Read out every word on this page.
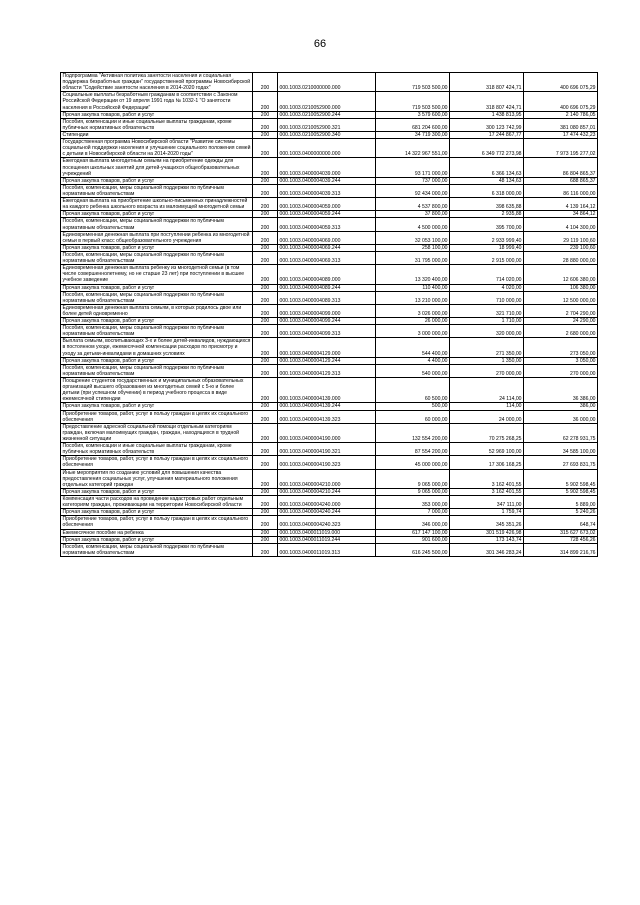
66
Подпрограмма "Активная политика занятости населения и социальная поддержка безработных граждан" государственной программы Новосибирской области "Содействие занятости населения в 2014-2020 годах"	200	000.1003.0210000000.000	719 503 500,00	318 807 424,71	400 696 075,29
Социальные выплаты безработным гражданам в соответствии с Законом Российской Федерации от 19 апреля 1991 года № 1032-1 "О занятости населения в Российской Федерации"	200	000.1003.0210052900.000	719 503 500,00	318 807 424,71	400 696 075,29
Прочая закупка товаров, работ и услуг	200	000.1003.0210052900.244	3 579 600,00	1 438 813,95	2 140 786,05
Пособия, компенсации и иные социальные выплаты гражданам, кроме публичных нормативных обязательств	200	000.1003.0210052900.321	681 204 600,00	300 123 742,99	381 080 857,01
Стипендии	200	000.1003.0210052900.340	34 719 300,00	17 244 867,77	17 474 432,23
Государственная программа Новосибирской области "Развитие системы социальной поддержки населения и улучшение социального положения семей с детьми в Новосибирской области на 2014-2020 годы"	200	000.1003.0400000000.000	14 322 967 551,00	6 349 772 273,98	7 973 195 277,02
Ежегодная выплата многодетным семьям на приобретение одежды для посещения школьных занятий для детей-учащихся общеобразовательных учреждений	200	000.1003.0400004039.000	93 171 000,00	6 366 134,63	86 804 865,37
Прочая закупка товаров, работ и услуг	200	000.1003.0400004039.244	737 000,00	48 134,63	688 865,37
Пособия, компенсации, меры социальной поддержки по публичным нормативным обязательствам	200	000.1003.0400004039.313	92 434 000,00	6 318 000,00	86 116 000,00
Ежегодная выплата на приобретение школьно-письменных принадлежностей на каждого ребенка школьного возраста из малоимущей многодетной семьи	200	000.1003.0400004059.000	4 537 800,00	398 635,88	4 139 164,12
Прочая закупка товаров, работ и услуг	200	000.1003.0400004059.244	37 800,00	2 935,88	34 864,12
Пособия, компенсации, меры социальной поддержки по публичным нормативным обязательствам	200	000.1003.0400004059.313	4 500 000,00	395 700,00	4 104 300,00
Единовременная денежная выплата при поступлении ребенка из многодетной семьи в первый класс общеобразовательного учреждения	200	000.1003.0400004069.000	32 053 100,00	2 933 999,40	29 119 100,60
Прочая закупка товаров, работ и услуг	200	000.1003.0400004069.244	258 100,00	18 999,40	239 100,60
Пособия, компенсации, меры социальной поддержки по публичным нормативным обязательствам	200	000.1003.0400004069.313	31 795 000,00	2 915 000,00	28 880 000,00
Единовременная денежная выплата ребенку из многодетной семьи (в том числе совершеннолетнему, но не старше 23 лет) при поступлении в высшее учебное заведение	200	000.1003.0400004089.000	13 320 400,00	714 020,00	12 606 380,00
Прочая закупка товаров, работ и услуг	200	000.1003.0400004089.244	110 400,00	4 020,00	106 380,00
Пособия, компенсации, меры социальной поддержки по публичным нормативным обязательствам	200	000.1003.0400004089.313	13 210 000,00	710 000,00	12 500 000,00
Единовременная денежная выплата семьям, в которых родилось двое или более детей одновременно	200	000.1003.0400004099.000	3 026 000,00	321 710,00	2 704 290,00
Прочая закупка товаров, работ и услуг	200	000.1003.0400004099.244	26 000,00	1 710,00	24 290,00
Пособия, компенсации, меры социальной поддержки по публичным нормативным обязательствам	200	000.1003.0400004099.313	3 000 000,00	320 000,00	2 680 000,00
Выплата семьям, воспитывающих 3-х и более детей-инвалидов, нуждающихся в постоянном уходе, ежемесячной компенсации расходов по присмотру и уходу за детьми-инвалидами в домашних условиях	200	000.1003.0400004129.000	544 400,00	271 350,00	273 050,00
Прочая закупка товаров, работ и услуг	200	000.1003.0400004129.244	4 400,00	1 350,00	3 050,00
Пособия, компенсации, меры социальной поддержки по публичным нормативным обязательствам	200	000.1003.0400004129.313	540 000,00	270 000,00	270 000,00
Поощрение студентов государственных и муниципальных образовательных организаций высшего образования из многодетных семей с 5-ю и более детьми (при успешном обучении) в период учебного процесса в виде ежемесячной стипендии	200	000.1003.0400004139.000	60 500,00	24 114,00	36 386,00
Прочая закупка товаров, работ и услуг	200	000.1003.0400004139.244	500,00	114,00	386,00
Приобретение товаров, работ, услуг в пользу граждан в целях их социального обеспечения	200	000.1003.0400004139.323	60 000,00	24 000,00	36 000,00
Предоставление адресной социальной помощи отдельным категориям граждан, включая малоимущих граждан, граждан, находящихся в трудной жизненной ситуации	200	000.1003.0400004190.000	132 554 200,00	70 275 268,25	62 278 931,75
Пособия, компенсации и иные социальные выплаты гражданам, кроме публичных нормативных обязательств	200	000.1003.0400004190.321	87 554 200,00	52 969 100,00	34 585 100,00
Приобретение товаров, работ, услуг в пользу граждан в целях их социального обеспечения	200	000.1003.0400004190.323	45 000 000,00	17 306 168,25	27 693 831,75
Иные мероприятия по созданию условий для повышения качества предоставления социальных услуг, улучшения материального положения отдельных категорий граждан	200	000.1003.0400004210.000	9 065 000,00	3 162 401,55	5 902 598,45
Прочая закупка товаров, работ и услуг	200	000.1003.0400004210.244	9 065 000,00	3 162 401,55	5 902 598,45
Компенсация части расходов на проведение кадастровых работ отдельным категориям граждан, проживающим на территории Новосибирской области	200	000.1003.0400004240.000	353 000,00	347 111,00	5 889,00
Прочая закупка товаров, работ и услуг	200	000.1003.0400004240.244	7 000,00	1 759,74	5 240,26
Приобретение товаров, работ, услуг в пользу граждан в целях их социального обеспечения	200	000.1003.0400004240.323	346 000,00	345 351,26	648,74
Ежемесячное пособие на ребенка	200	000.1003.0400011019.000	617 147 100,00	301 519 426,98	315 627 673,02
Прочая закупка товаров, работ и услуг	200	000.1003.0400011019.244	901 600,00	173 143,74	728 456,26
Пособия, компенсации, меры социальной поддержки по публичным нормативным обязательствам	200	000.1003.0400011019.313	616 245 500,00	301 346 283,24	314 899 216,76
